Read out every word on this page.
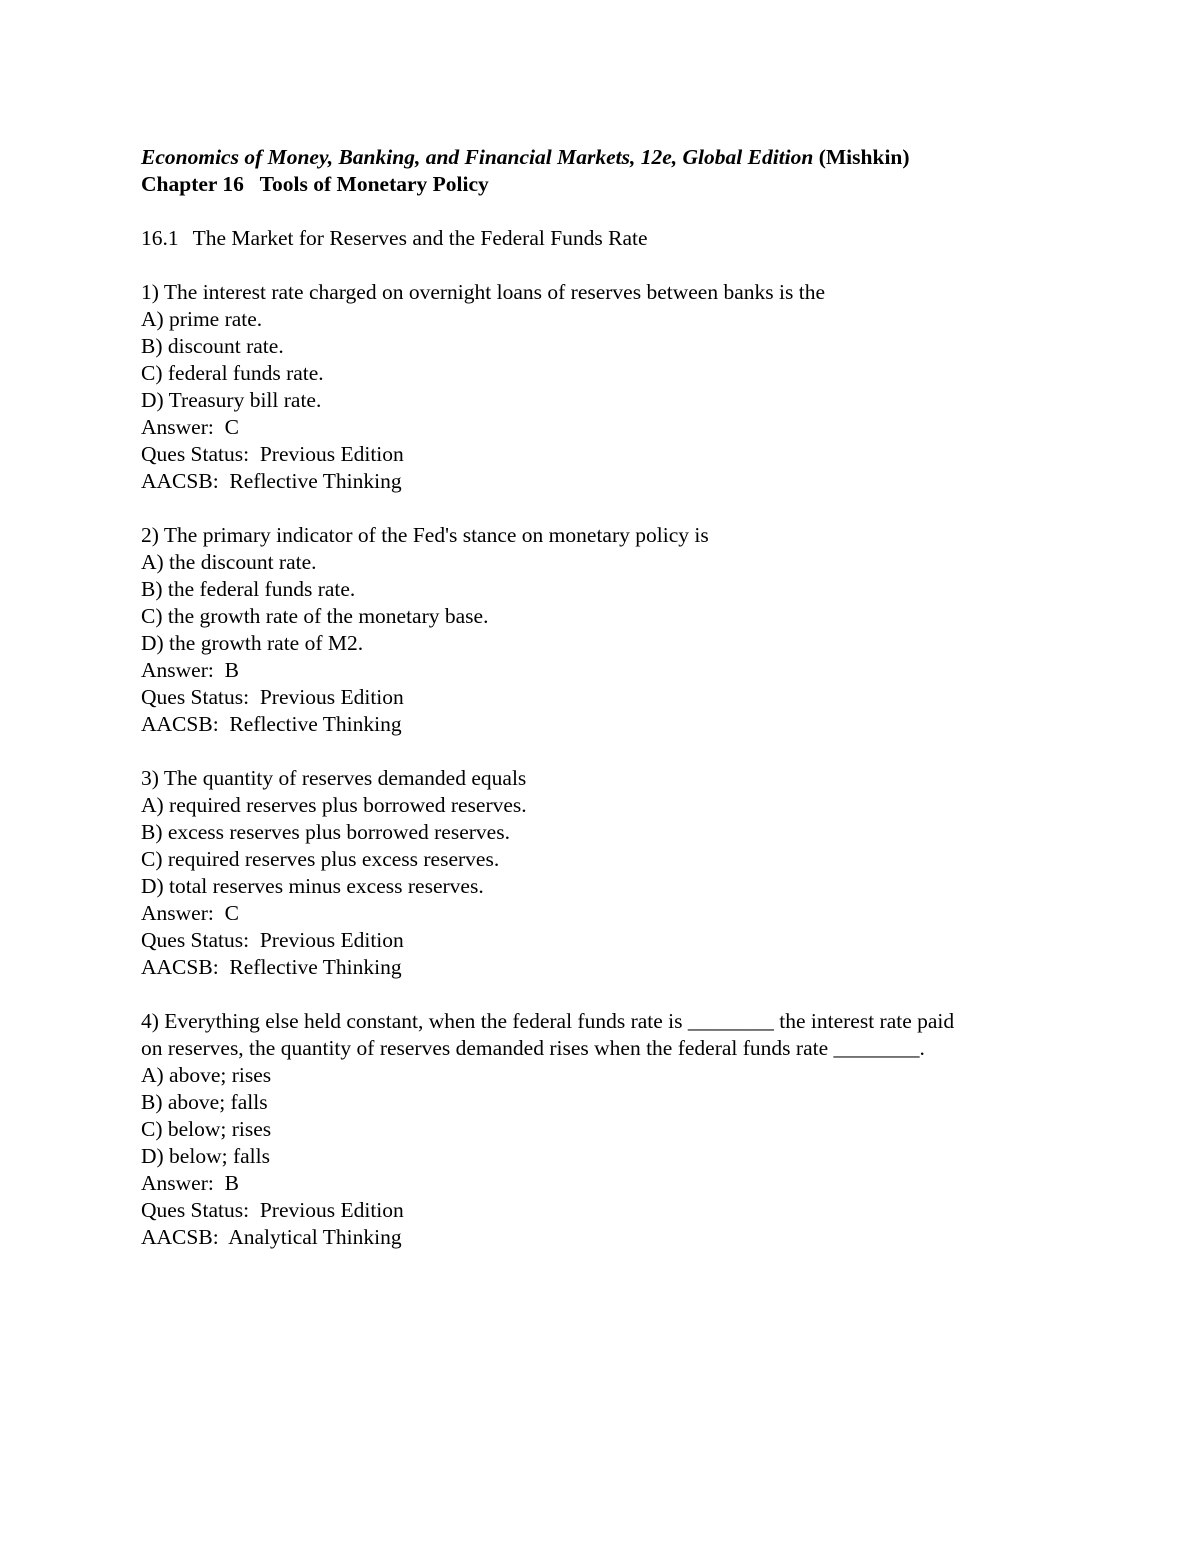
Economics of Money, Banking, and Financial Markets, 12e, Global Edition (Mishkin)
Chapter 16   Tools of Monetary Policy
16.1 The Market for Reserves and the Federal Funds Rate
1) The interest rate charged on overnight loans of reserves between banks is the
A) prime rate.
B) discount rate.
C) federal funds rate.
D) Treasury bill rate.
Answer:  C
Ques Status:  Previous Edition
AACSB:  Reflective Thinking
2) The primary indicator of the Fed's stance on monetary policy is
A) the discount rate.
B) the federal funds rate.
C) the growth rate of the monetary base.
D) the growth rate of M2.
Answer:  B
Ques Status:  Previous Edition
AACSB:  Reflective Thinking
3) The quantity of reserves demanded equals
A) required reserves plus borrowed reserves.
B) excess reserves plus borrowed reserves.
C) required reserves plus excess reserves.
D) total reserves minus excess reserves.
Answer:  C
Ques Status:  Previous Edition
AACSB:  Reflective Thinking
4) Everything else held constant, when the federal funds rate is ________ the interest rate paid
on reserves, the quantity of reserves demanded rises when the federal funds rate ________.
A) above; rises
B) above; falls
C) below; rises
D) below; falls
Answer:  B
Ques Status:  Previous Edition
AACSB:  Analytical Thinking
